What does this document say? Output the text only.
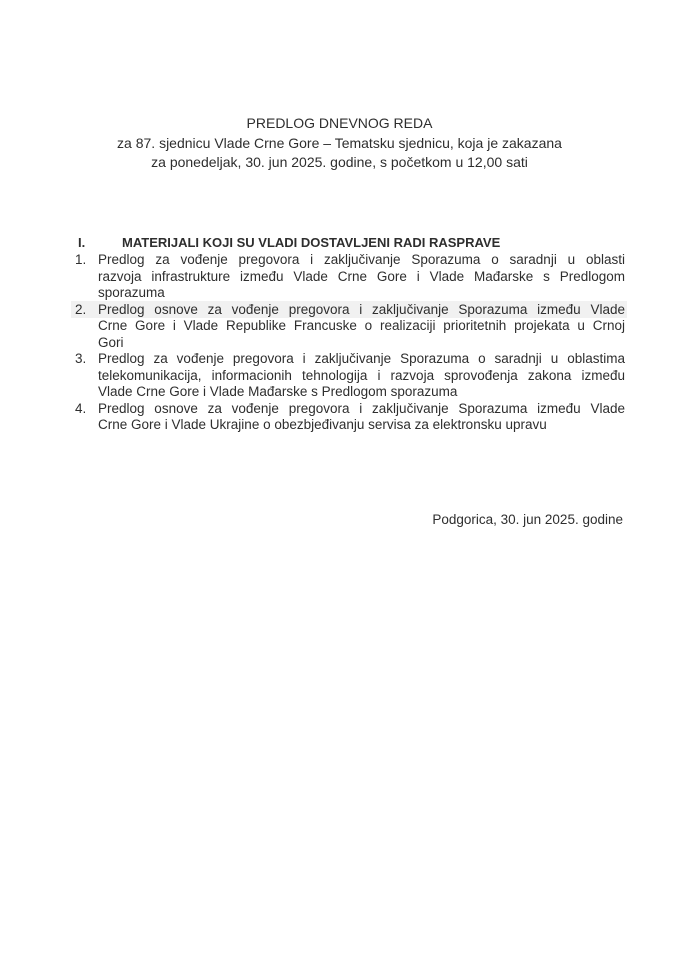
PREDLOG DNEVNOG REDA
za 87. sjednicu Vlade Crne Gore – Tematsku sjednicu, koja je zakazana
za ponedeljak, 30. jun 2025. godine, s početkom u 12,00 sati
I.	MATERIJALI KOJI SU VLADI DOSTAVLJENI RADI RASPRAVE
1. Predlog za vođenje pregovora i zaključivanje Sporazuma o saradnji u oblasti
razvoja infrastrukture između Vlade Crne Gore i Vlade Mađarske s Predlogom
sporazuma
2. Predlog osnove za vođenje pregovora i zaključivanje Sporazuma između Vlade
Crne Gore i Vlade Republike Francuske o realizaciji prioritetnih projekata u Crnoj
Gori
3. Predlog za vođenje pregovora i zaključivanje Sporazuma o saradnji u oblastima
telekomunikacija, informacionih tehnologija i razvoja sprovođenja zakona između
Vlade Crne Gore i Vlade Mađarske s Predlogom sporazuma
4. Predlog osnove za vođenje pregovora i zaključivanje Sporazuma između Vlade
Crne Gore i Vlade Ukrajine o obezbjeđivanju servisa za elektronsku upravu
Podgorica, 30. jun 2025. godine
